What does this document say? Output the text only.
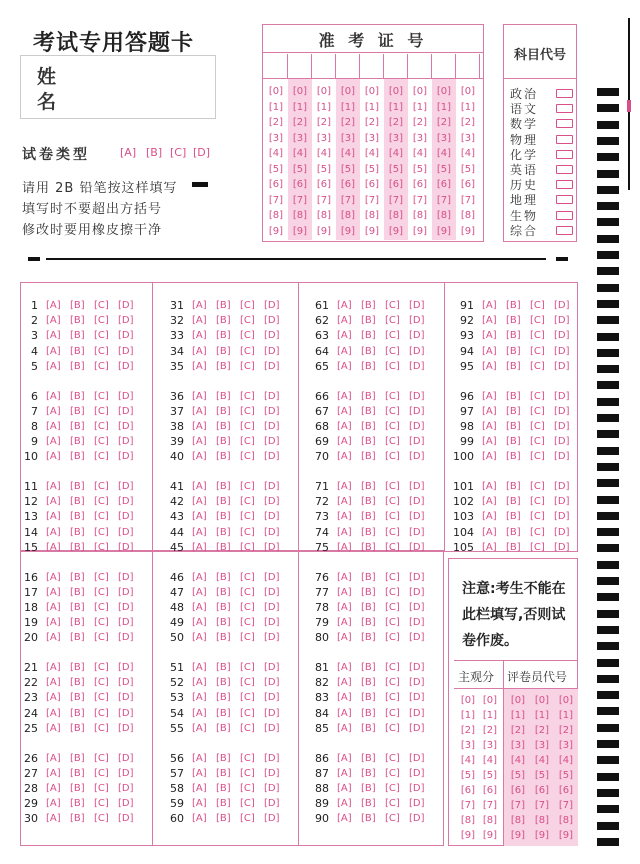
考试专用答题卡
姓
名
试卷类型	[A] [B] [C] [D]
请用 2B 铅笔按这样填写
填写时不要超出方括号
修改时要用橡皮擦干净
准 考 证 号
[0]
[1]
[2]
[3]
[4]
[5]
[6]
[7]
[8]
[9]
[0]
[1]
[2]
[3]
[4]
[5]
[6]
[7]
[8]
[9]
[0]
[1]
[2]
[3]
[4]
[5]
[6]
[7]
[8]
[9]
[0]
[1]
[2]
[3]
[4]
[5]
[6]
[7]
[8]
[9]
[0]
[1]
[2]
[3]
[4]
[5]
[6]
[7]
[8]
[9]
[0]
[1]
[2]
[3]
[4]
[5]
[6]
[7]
[8]
[9]
[0]
[1]
[2]
[3]
[4]
[5]
[6]
[7]
[8]
[9]
[0]
[1]
[2]
[3]
[4]
[5]
[6]
[7]
[8]
[9]
[0]
[1]
[2]
[3]
[4]
[5]
[6]
[7]
[8]
[9]
科目代号
政治
语文
数学
物理
化学
英语
历史
地理
生物
综合
1 [A] [B] [C] [D]
2 [A] [B] [C] [D]
3 [A] [B] [C] [D]
4 [A] [B] [C] [D]
5 [A] [B] [C] [D]
6 [A] [B] [C] [D]
7 [A] [B] [C] [D]
8 [A] [B] [C] [D]
9 [A] [B] [C] [D]
10 [A] [B] [C] [D]
11 [A] [B] [C] [D]
12 [A] [B] [C] [D]
13 [A] [B] [C] [D]
14 [A] [B] [C] [D]
15 [A] [B] [C] [D]
16 [A] [B] [C] [D]
17 [A] [B] [C] [D]
18 [A] [B] [C] [D]
19 [A] [B] [C] [D]
20 [A] [B] [C] [D]
21 [A] [B] [C] [D]
22 [A] [B] [C] [D]
23 [A] [B] [C] [D]
24 [A] [B] [C] [D]
25 [A] [B] [C] [D]
26 [A] [B] [C] [D]
27 [A] [B] [C] [D]
28 [A] [B] [C] [D]
29 [A] [B] [C] [D]
30 [A] [B] [C] [D]
31 [A] [B] [C] [D]
32 [A] [B] [C] [D]
33 [A] [B] [C] [D]
34 [A] [B] [C] [D]
35 [A] [B] [C] [D]
36 [A] [B] [C] [D]
37 [A] [B] [C] [D]
38 [A] [B] [C] [D]
39 [A] [B] [C] [D]
40 [A] [B] [C] [D]
41 [A] [B] [C] [D]
42 [A] [B] [C] [D]
43 [A] [B] [C] [D]
44 [A] [B] [C] [D]
45 [A] [B] [C] [D]
46 [A] [B] [C] [D]
47 [A] [B] [C] [D]
48 [A] [B] [C] [D]
49 [A] [B] [C] [D]
50 [A] [B] [C] [D]
51 [A] [B] [C] [D]
52 [A] [B] [C] [D]
53 [A] [B] [C] [D]
54 [A] [B] [C] [D]
55 [A] [B] [C] [D]
56 [A] [B] [C] [D]
57 [A] [B] [C] [D]
58 [A] [B] [C] [D]
59 [A] [B] [C] [D]
60 [A] [B] [C] [D]
61 [A] [B] [C] [D]
62 [A] [B] [C] [D]
63 [A] [B] [C] [D]
64 [A] [B] [C] [D]
65 [A] [B] [C] [D]
66 [A] [B] [C] [D]
67 [A] [B] [C] [D]
68 [A] [B] [C] [D]
69 [A] [B] [C] [D]
70 [A] [B] [C] [D]
71 [A] [B] [C] [D]
72 [A] [B] [C] [D]
73 [A] [B] [C] [D]
74 [A] [B] [C] [D]
75 [A] [B] [C] [D]
76 [A] [B] [C] [D]
77 [A] [B] [C] [D]
78 [A] [B] [C] [D]
79 [A] [B] [C] [D]
80 [A] [B] [C] [D]
81 [A] [B] [C] [D]
82 [A] [B] [C] [D]
83 [A] [B] [C] [D]
84 [A] [B] [C] [D]
85 [A] [B] [C] [D]
86 [A] [B] [C] [D]
87 [A] [B] [C] [D]
88 [A] [B] [C] [D]
89 [A] [B] [C] [D]
90 [A] [B] [C] [D]
91 [A] [B] [C] [D]
92 [A] [B] [C] [D]
93 [A] [B] [C] [D]
94 [A] [B] [C] [D]
95 [A] [B] [C] [D]
96 [A] [B] [C] [D]
97 [A] [B] [C] [D]
98 [A] [B] [C] [D]
99 [A] [B] [C] [D]
100 [A] [B] [C] [D]
101 [A] [B] [C] [D]
102 [A] [B] [C] [D]
103 [A] [B] [C] [D]
104 [A] [B] [C] [D]
105 [A] [B] [C] [D]
注意:考生不能在此栏填写,否则试卷作废。
主观分 评卷员代号
[0]
[1]
[2]
[3]
[4]
[5]
[6]
[7]
[8]
[9]
[0]
[1]
[2]
[3]
[4]
[5]
[6]
[7]
[8]
[9]
[0]
[1]
[2]
[3]
[4]
[5]
[6]
[7]
[8]
[9]
[0]
[1]
[2]
[3]
[4]
[5]
[6]
[7]
[8]
[9]
[0]
[1]
[2]
[3]
[4]
[5]
[6]
[7]
[8]
[9]
